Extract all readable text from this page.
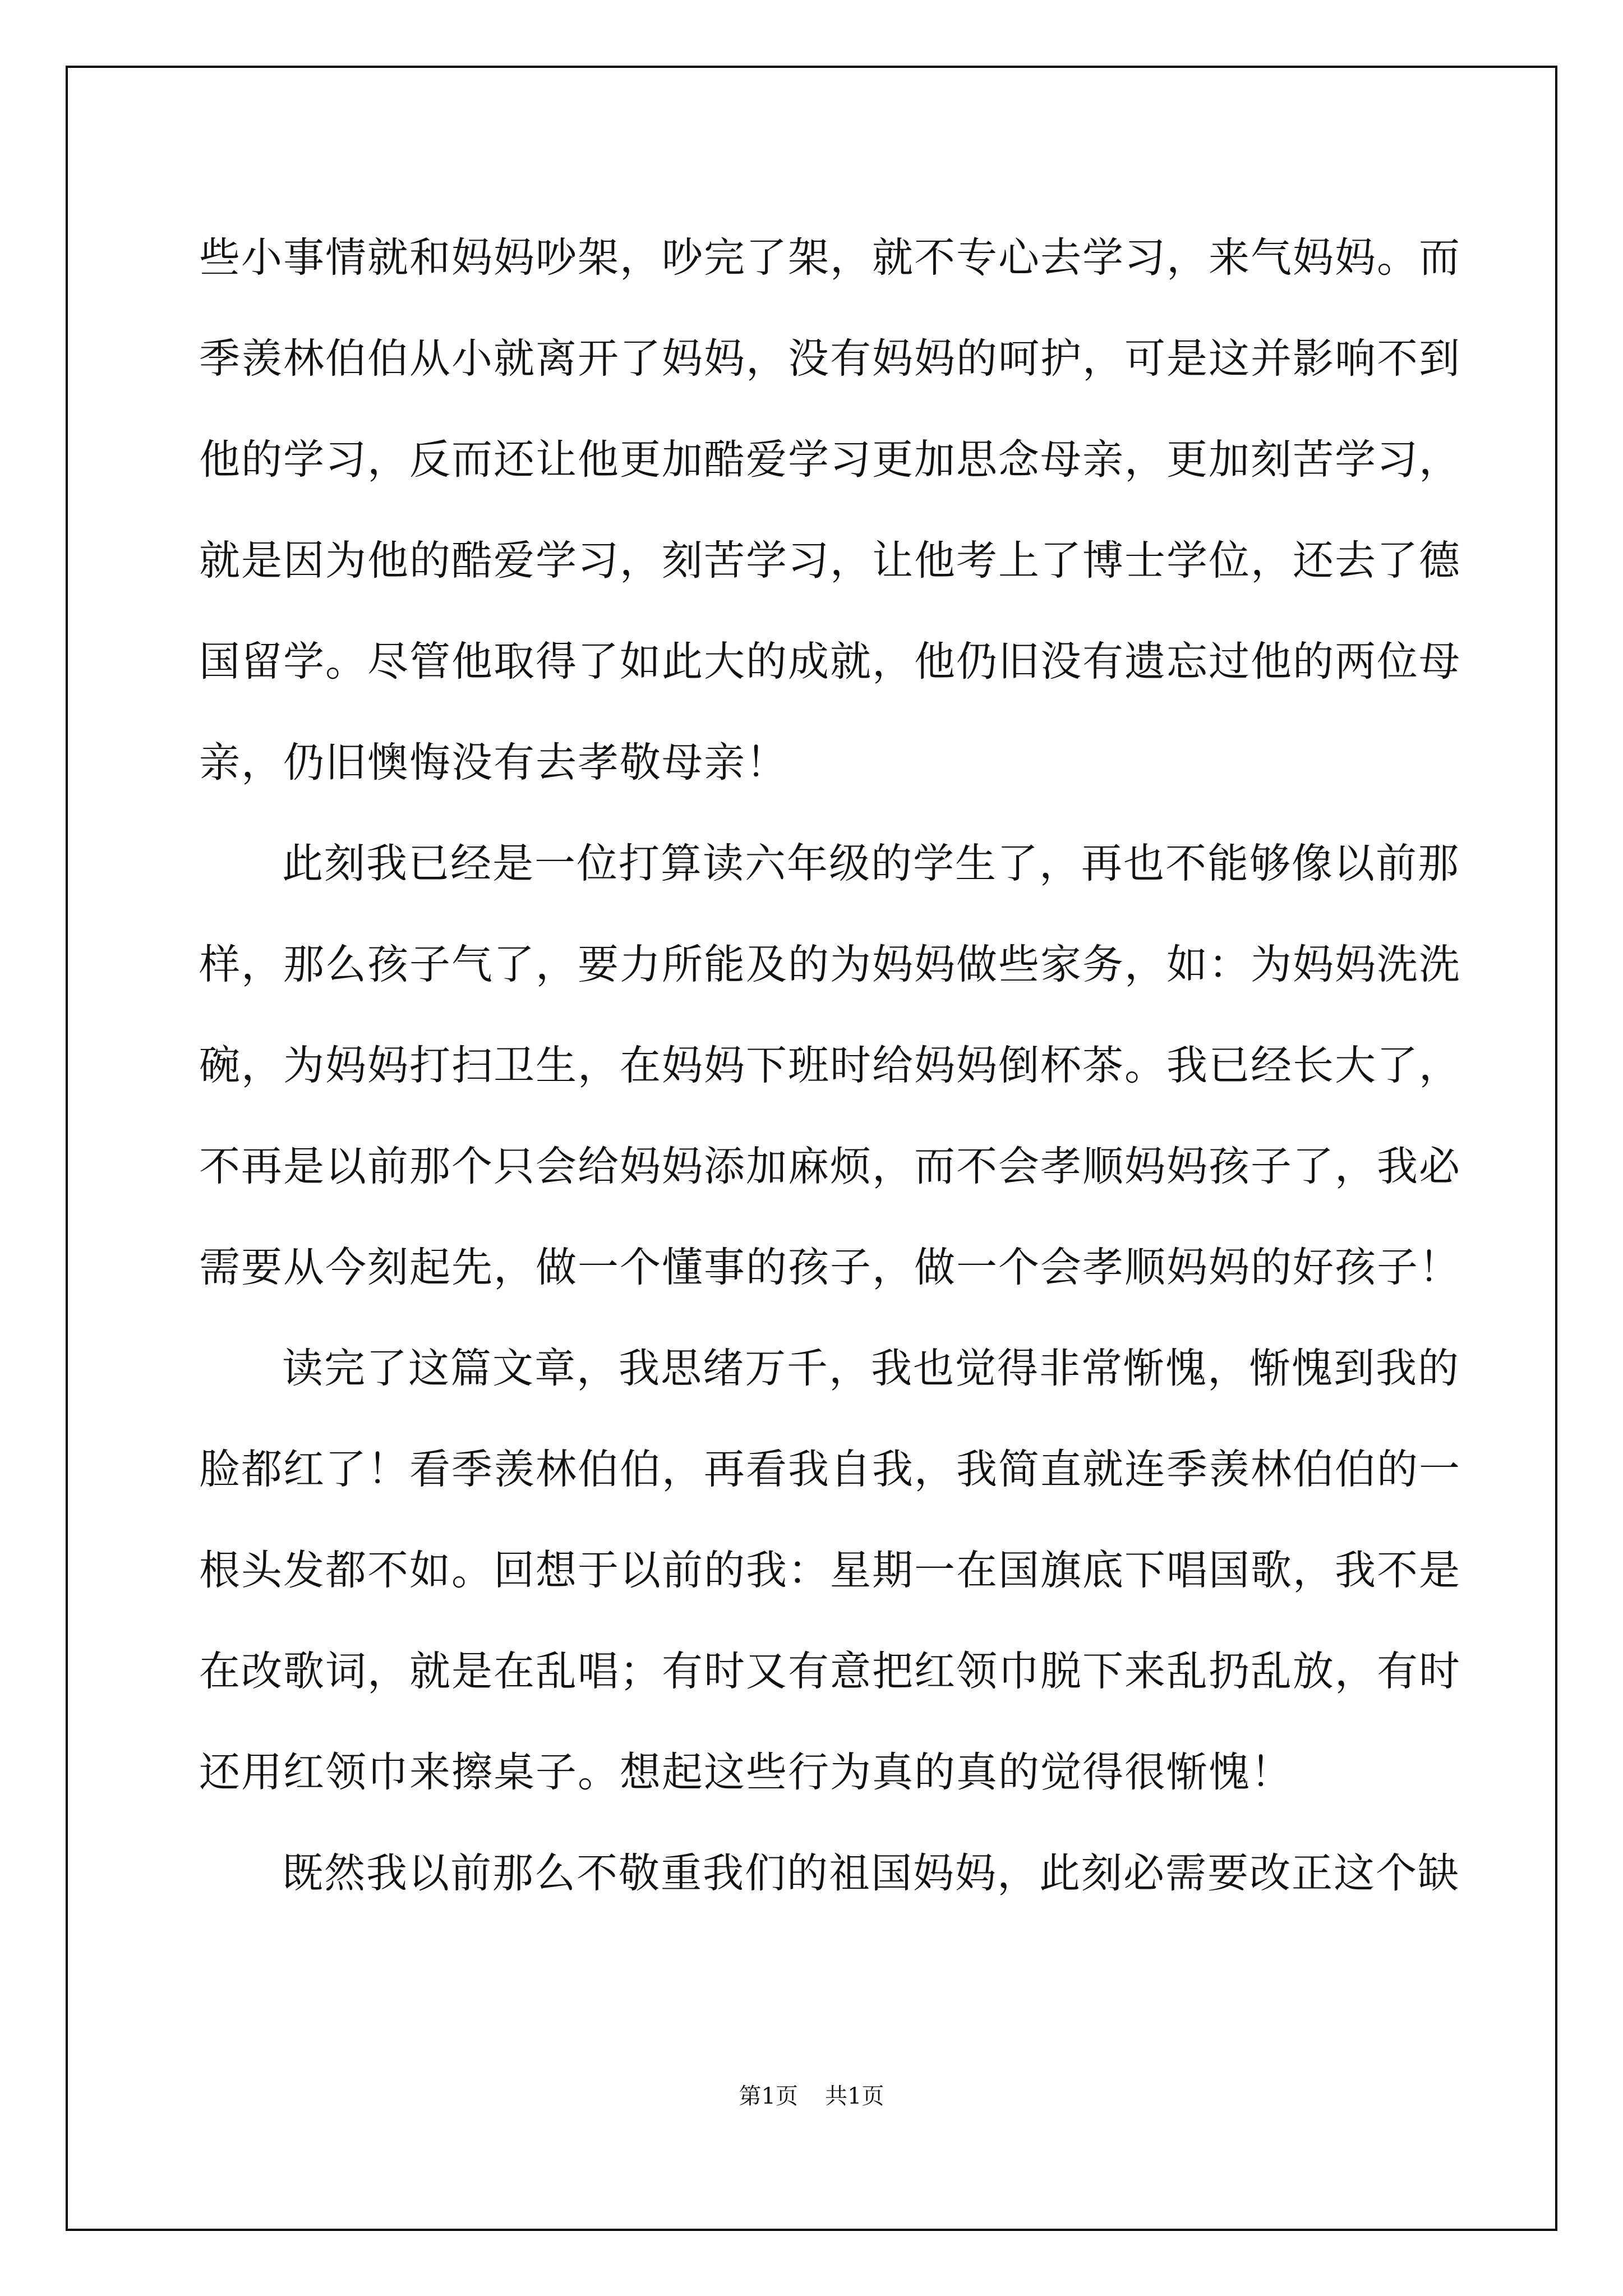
些小事情就和妈妈吵架，吵完了架，就不专心去学习，来气妈妈。而
季羡林伯伯从小就离开了妈妈，没有妈妈的呵护，可是这并影响不到
他的学习，反而还让他更加酷爱学习更加思念母亲，更加刻苦学习，
就是因为他的酷爱学习，刻苦学习，让他考上了博士学位，还去了德
国留学。尽管他取得了如此大的成就，他仍旧没有遗忘过他的两位母
亲，仍旧懊悔没有去孝敬母亲！
此刻我已经是一位打算读六年级的学生了，再也不能够像以前那
样，那么孩子气了，要力所能及的为妈妈做些家务，如：为妈妈洗洗
碗，为妈妈打扫卫生，在妈妈下班时给妈妈倒杯茶。我已经长大了，
不再是以前那个只会给妈妈添加麻烦，而不会孝顺妈妈孩子了，我必
需要从今刻起先，做一个懂事的孩子，做一个会孝顺妈妈的好孩子！
读完了这篇文章，我思绪万千，我也觉得非常惭愧，惭愧到我的
脸都红了！看季羡林伯伯，再看我自我，我简直就连季羡林伯伯的一
根头发都不如。回想于以前的我：星期一在国旗底下唱国歌，我不是
在改歌词，就是在乱唱；有时又有意把红领巾脱下来乱扔乱放，有时
还用红领巾来擦桌子。想起这些行为真的真的觉得很惭愧！
既然我以前那么不敬重我们的祖国妈妈，此刻必需要改正这个缺
第1页 共1页
